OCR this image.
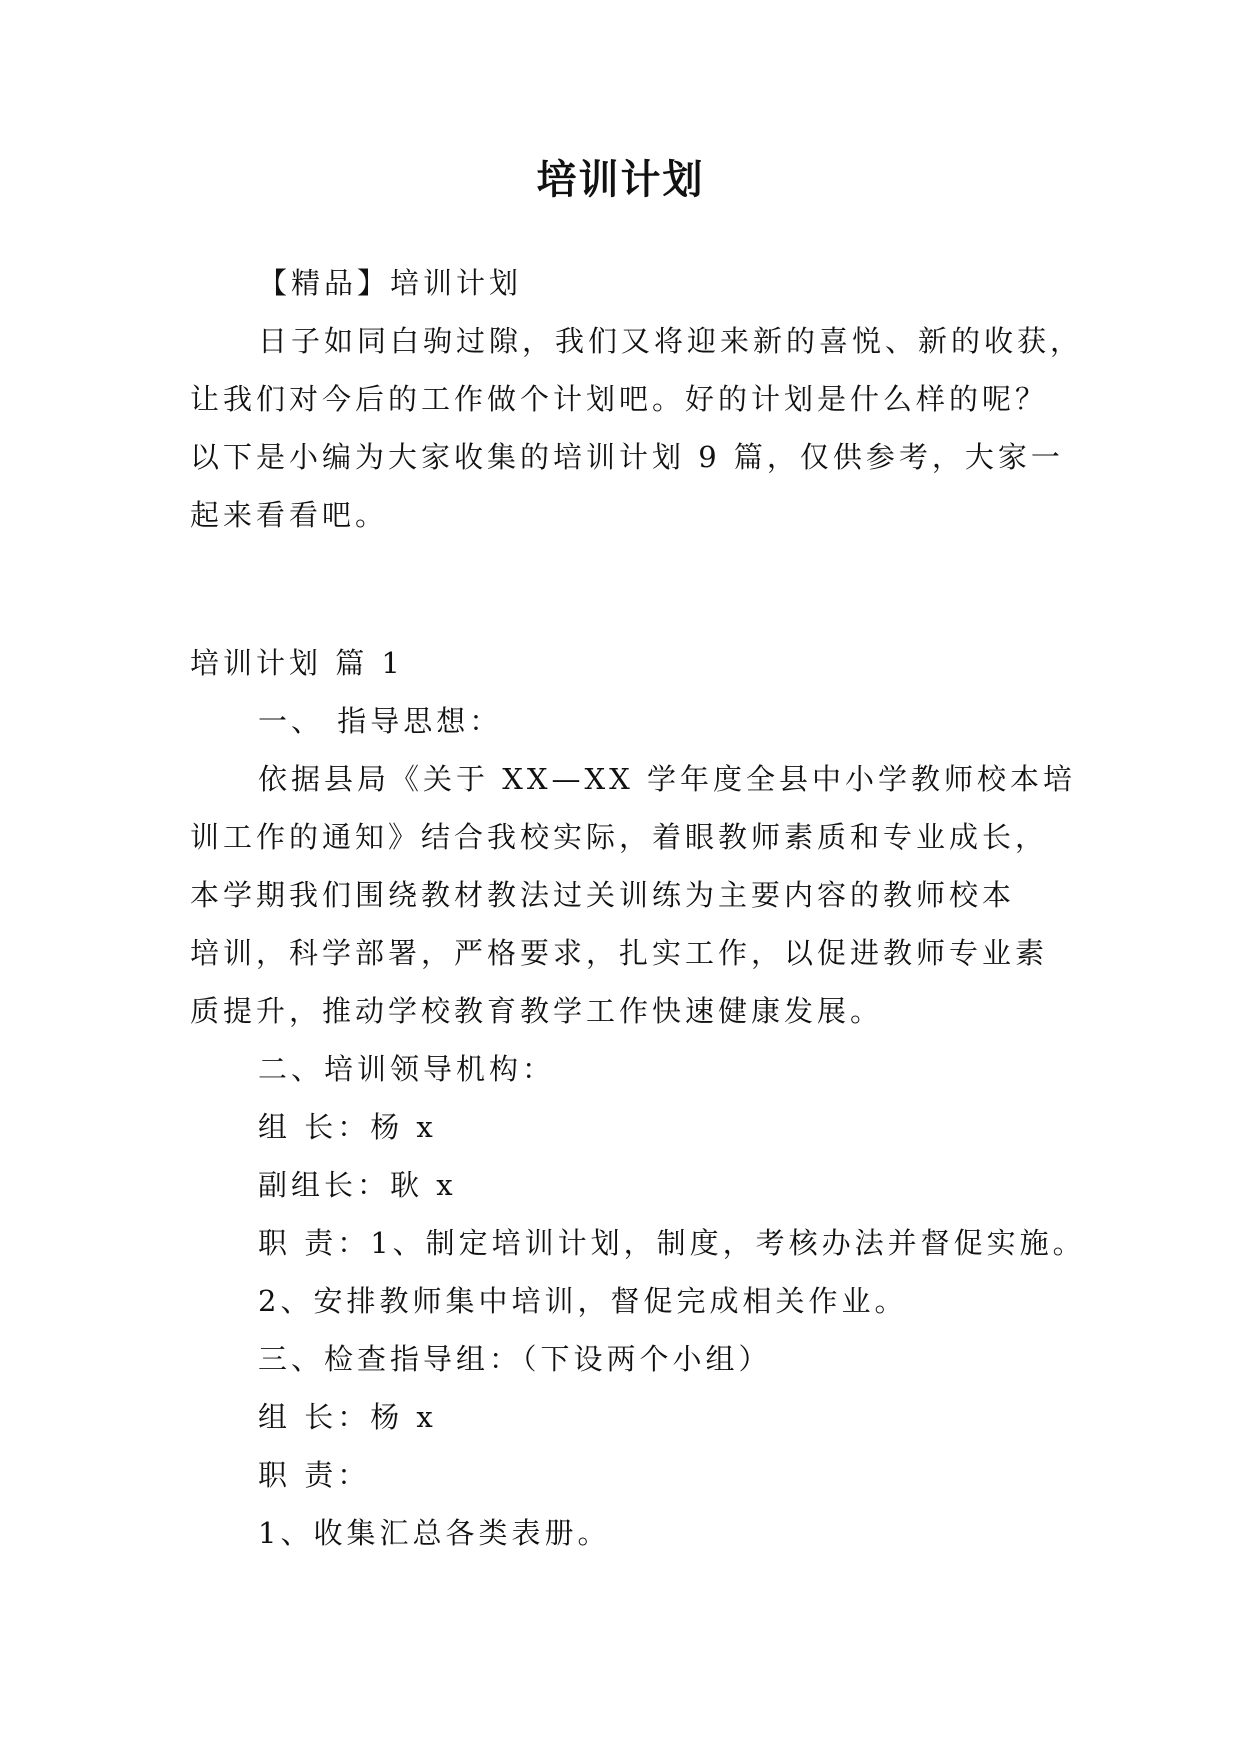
培训计划
【精品】培训计划
日子如同白驹过隙，我们又将迎来新的喜悦、新的收获，
让我们对今后的工作做个计划吧。好的计划是什么样的呢？
以下是小编为大家收集的培训计划 9 篇，仅供参考，大家一
起来看看吧。
培训计划 篇 1
一、 指导思想：
依据县局《关于 XX—XX 学年度全县中小学教师校本培
训工作的通知》结合我校实际，着眼教师素质和专业成长，
本学期我们围绕教材教法过关训练为主要内容的教师校本
培训，科学部署，严格要求，扎实工作，以促进教师专业素
质提升，推动学校教育教学工作快速健康发展。
二、培训领导机构：
组 长：杨 x
副组长：耿 x
职 责：1、制定培训计划，制度，考核办法并督促实施。
2、安排教师集中培训，督促完成相关作业。
三、检查指导组：（下设两个小组）
组 长：杨 x
职 责：
1、收集汇总各类表册。
